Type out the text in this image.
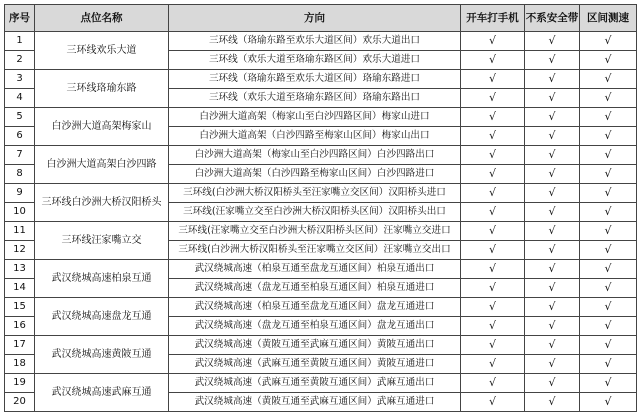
序号	点位名称	方向	开车打手机	不系安全带	区间测速
1	三环线欢乐大道	三环线（珞瑜东路至欢乐大道区间）欢乐大道出口	√	√	√
2		三环线（欢乐大道至珞瑜东路区间）欢乐大道进口	√	√	√
3	三环线珞瑜东路	三环线（珞瑜东路至欢乐大道区间）珞瑜东路进口	√	√	√
4		三环线（欢乐大道至珞瑜东路区间）珞瑜东路出口	√	√	√
5	白沙洲大道高架梅家山	白沙洲大道高架（梅家山至白沙四路区间）梅家山进口	√	√	√
6		白沙洲大道高架（白沙四路至梅家山区间）梅家山出口	√	√	√
7	白沙洲大道高架白沙四路	白沙洲大道高架（梅家山至白沙四路区间）白沙四路出口	√	√	√
8		白沙洲大道高架（白沙四路至梅家山区间）白沙四路进口	√	√	√
9	三环线白沙洲大桥汉阳桥头	三环线(白沙洲大桥汉阳桥头至汪家嘴立交区间）汉阳桥头进口	√	√	√
10		三环线(汪家嘴立交至白沙洲大桥汉阳桥头区间）汉阳桥头出口	√	√	√
11	三环线汪家嘴立交	三环线(汪家嘴立交至白沙洲大桥汉阳桥头区间）汪家嘴立交进口	√	√	√
12		三环线(白沙洲大桥汉阳桥头至汪家嘴立交区间）汪家嘴立交出口	√	√	√
13	武汉绕城高速柏泉互通	武汉绕城高速（柏泉互通至盘龙互通区间）柏泉互通出口	√	√	√
14		武汉绕城高速（盘龙互通至柏泉互通区间）柏泉互通进口	√	√	√
15	武汉绕城高速盘龙互通	武汉绕城高速（柏泉互通至盘龙互通区间）盘龙互通进口	√	√	√
16		武汉绕城高速（盘龙互通至柏泉互通区间）盘龙互通出口	√	√	√
17	武汉绕城高速黄陂互通	武汉绕城高速（黄陂互通至武麻互通区间）黄陂互通出口	√	√	√
18		武汉绕城高速（武麻互通至黄陂互通区间）黄陂互通进口	√	√	√
19	武汉绕城高速武麻互通	武汉绕城高速（武麻互通至黄陂互通区间）武麻互通出口	√	√	√
20		武汉绕城高速（黄陂互通至武麻互通区间）武麻互通进口	√	√	√
